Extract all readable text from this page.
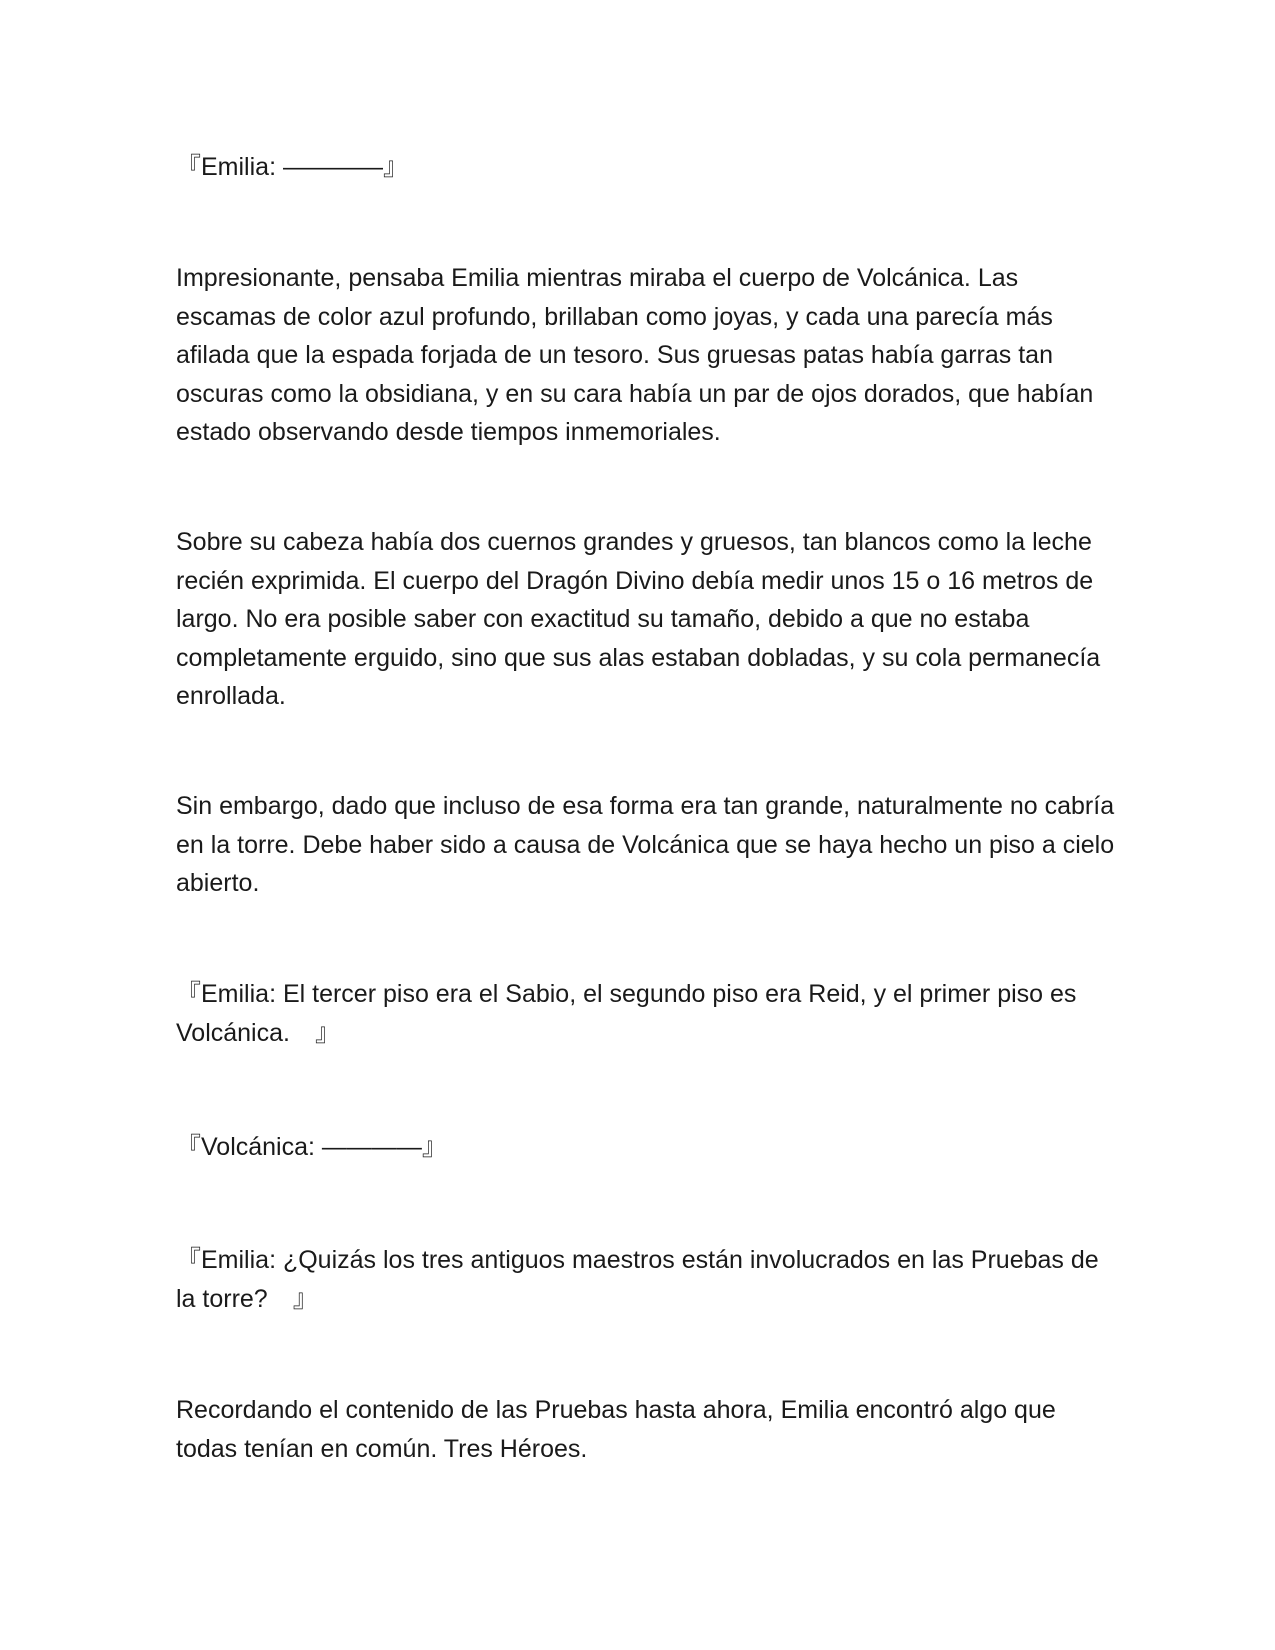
『Emilia: ————』

Impresionante, pensaba Emilia mientras miraba el cuerpo de Volcánica. Las escamas de color azul profundo, brillaban como joyas, y cada una parecía más afilada que la espada forjada de un tesoro. Sus gruesas patas había garras tan oscuras como la obsidiana, y en su cara había un par de ojos dorados, que habían estado observando desde tiempos inmemoriales.

Sobre su cabeza había dos cuernos grandes y gruesos, tan blancos como la leche recién exprimida. El cuerpo del Dragón Divino debía medir unos 15 o 16 metros de largo. No era posible saber con exactitud su tamaño, debido a que no estaba completamente erguido, sino que sus alas estaban dobladas, y su cola permanecía enrollada.

Sin embargo, dado que incluso de esa forma era tan grande, naturalmente no cabría en la torre. Debe haber sido a causa de Volcánica que se haya hecho un piso a cielo abierto.

『Emilia: El tercer piso era el Sabio, el segundo piso era Reid, y el primer piso es Volcánica.　』

『Volcánica: ————』

『Emilia: ¿Quizás los tres antiguos maestros están involucrados en las Pruebas de la torre?　』

Recordando el contenido de las Pruebas hasta ahora, Emilia encontró algo que todas tenían en común. Tres Héroes.
